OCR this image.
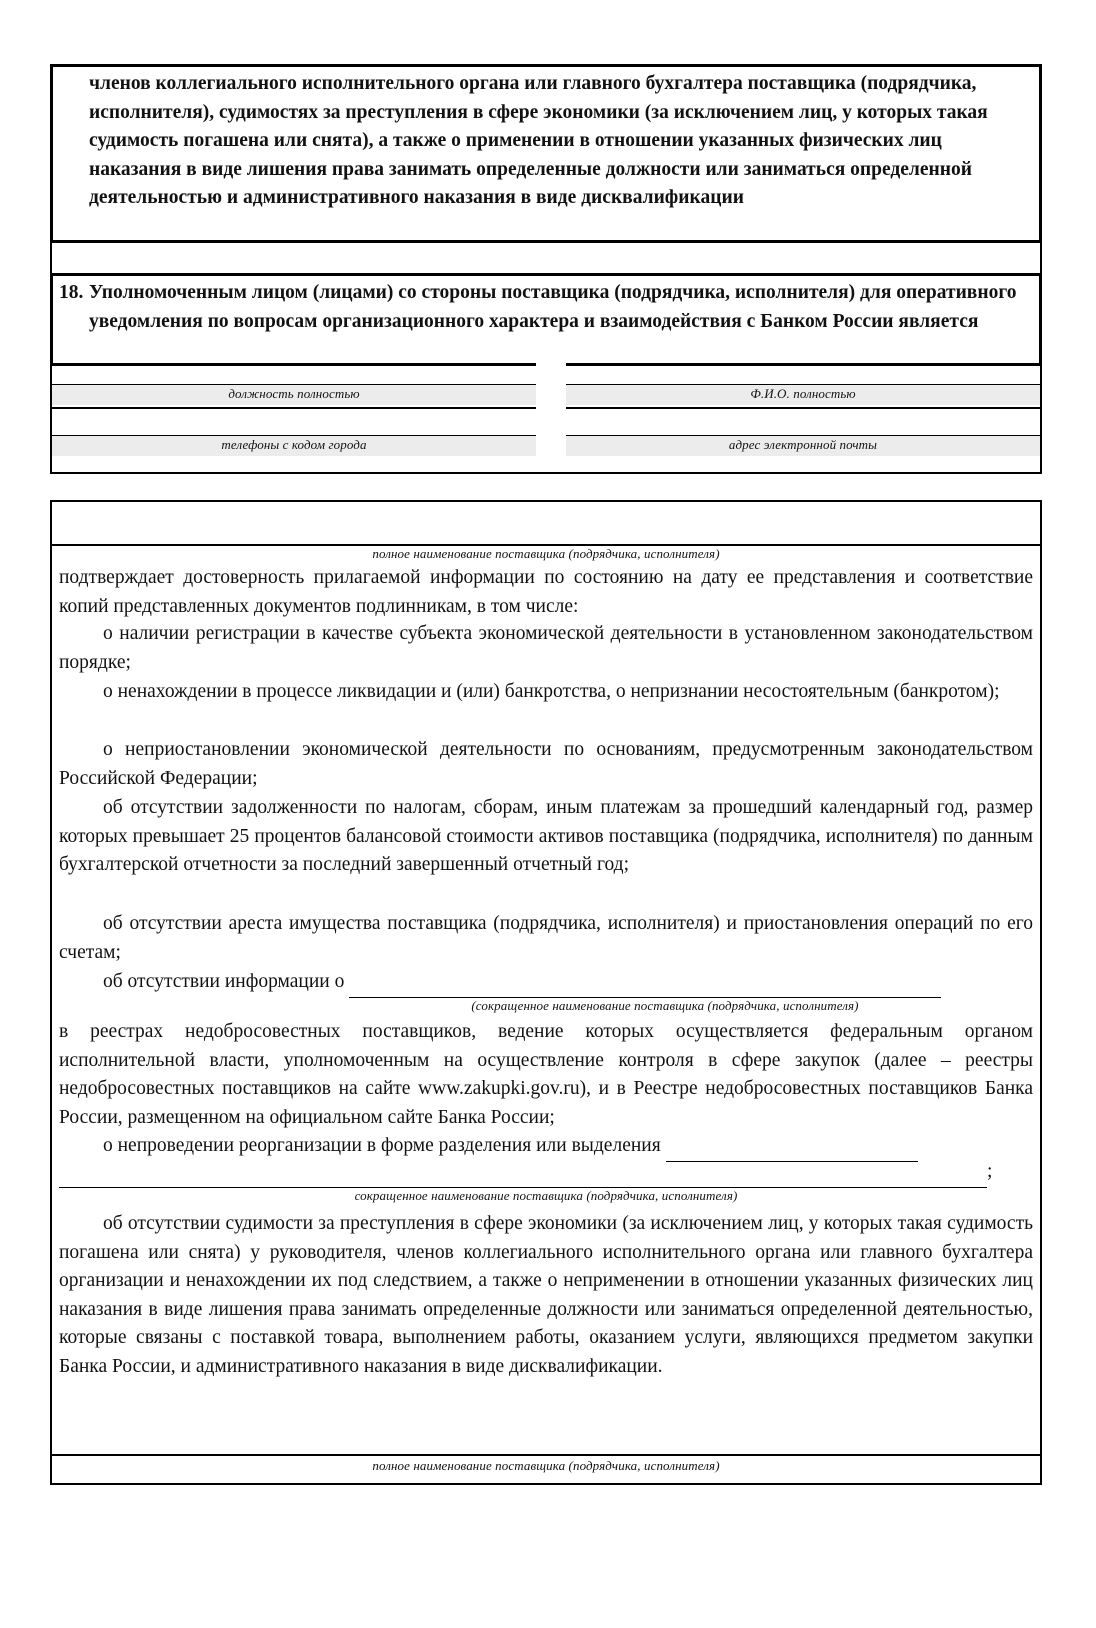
членов коллегиального исполнительного органа или главного бухгалтера поставщика (подрядчика, исполнителя), судимостях за преступления в сфере экономики (за исключением лиц, у которых такая судимость погашена или снята), а также о применении в отношении указанных физических лиц наказания в виде лишения права занимать определенные должности или заниматься определенной деятельностью и административного наказания в виде дисквалификации
18. Уполномоченным лицом (лицами) со стороны поставщика (подрядчика, исполнителя) для оперативного уведомления по вопросам организационного характера и взаимодействия с Банком России является
должность полностью	Ф.И.О. полностью
телефоны с кодом города	адрес электронной почты
полное наименование поставщика (подрядчика, исполнителя)
подтверждает достоверность прилагаемой информации по состоянию на дату ее представления и соответствие копий представленных документов подлинникам, в том числе:
о наличии регистрации в качестве субъекта экономической деятельности в установленном законодательством порядке;
о ненахождении в процессе ликвидации и (или) банкротства, о непризнании несостоятельным (банкротом);
о неприостановлении экономической деятельности по основаниям, предусмотренным законодательством Российской Федерации;
об отсутствии задолженности по налогам, сборам, иным платежам за прошедший календарный год, размер которых превышает 25 процентов балансовой стоимости активов поставщика (подрядчика, исполнителя) по данным бухгалтерской отчетности за последний завершенный отчетный год;
об отсутствии ареста имущества поставщика (подрядчика, исполнителя) и приостановления операций по его счетам;
об отсутствии информации о
(сокращенное наименование поставщика (подрядчика, исполнителя)
в реестрах недобросовестных поставщиков, ведение которых осуществляется федеральным органом исполнительной власти, уполномоченным на осуществление контроля в сфере закупок (далее – реестры недобросовестных поставщиков на сайте www.zakupki.gov.ru), и в Реестре недобросовестных поставщиков Банка России, размещенном на официальном сайте Банка России;
о непроведении реорганизации в форме разделения или выделения
;
сокращенное наименование поставщика (подрядчика, исполнителя)
об отсутствии судимости за преступления в сфере экономики (за исключением лиц, у которых такая судимость погашена или снята) у руководителя, членов коллегиального исполнительного органа или главного бухгалтера организации и ненахождении их под следствием, а также о неприменении в отношении указанных физических лиц наказания в виде лишения права занимать определенные должности или заниматься определенной деятельностью, которые связаны с поставкой товара, выполнением работы, оказанием услуги, являющихся предметом закупки Банка России, и административного наказания в виде дисквалификации.
полное наименование поставщика (подрядчика, исполнителя)
